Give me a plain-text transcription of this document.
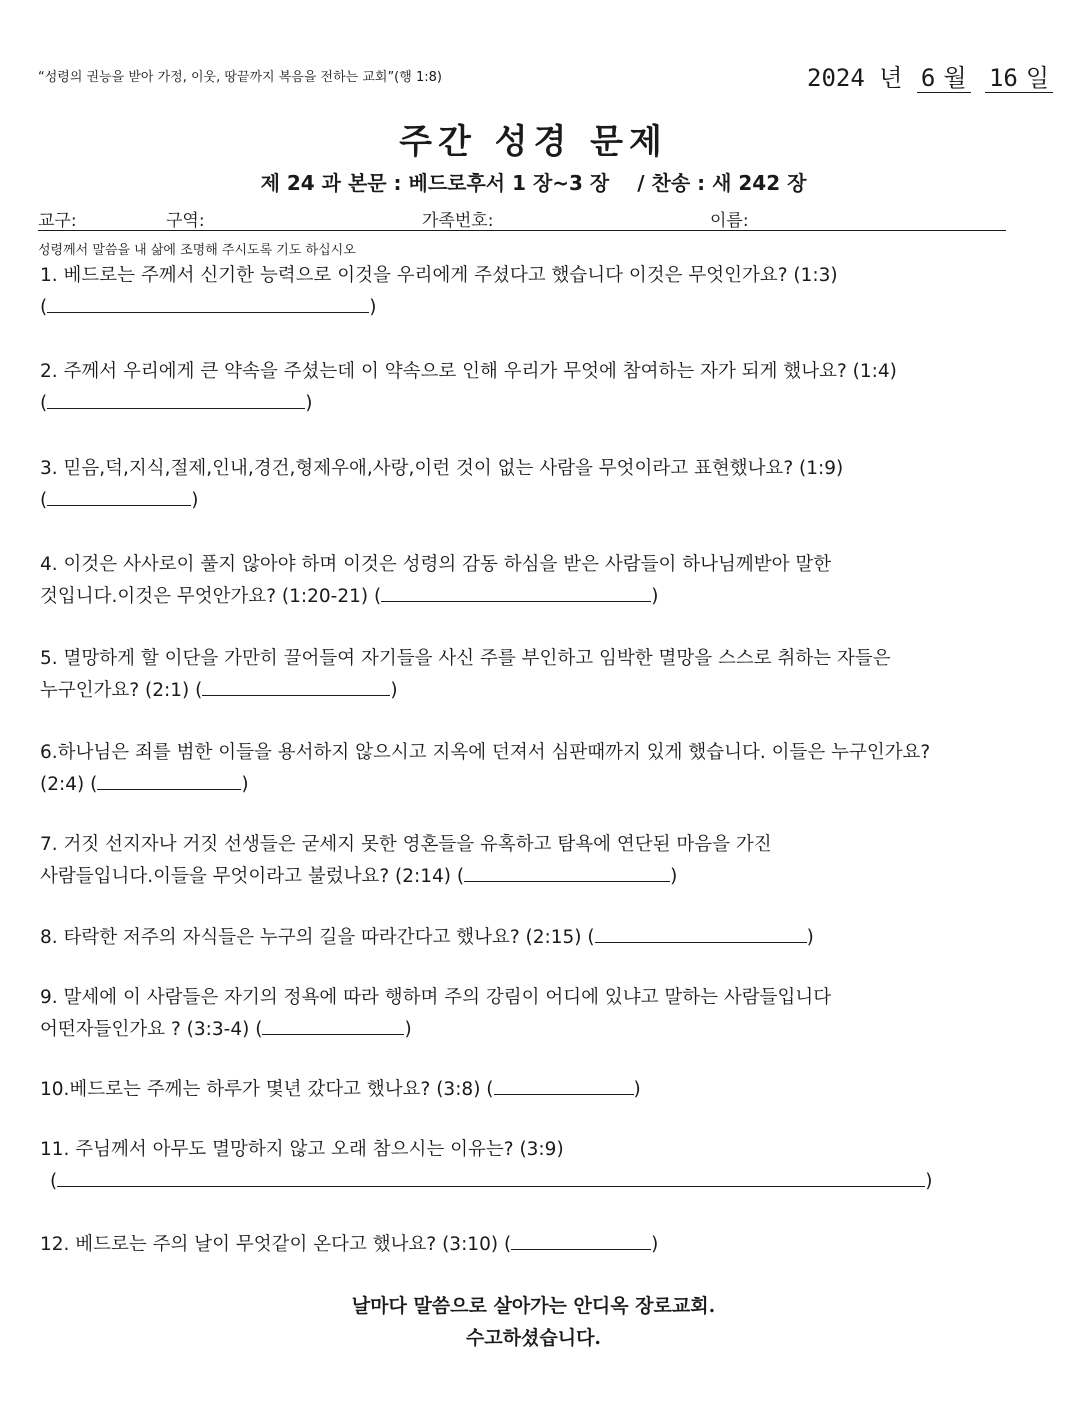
“성령의 권능을 받아 가정, 이웃, 땅끝까지 복음을 전하는 교회”(행 1:8)	2024 년 6 월 16 일
주간 성경 문제
제 24 과 본문 : 베드로후서 1 장~3 장 / 찬송 : 새 242 장
교구:	구역:	가족번호:	이름:
성령께서 말씀을 내 삶에 조명해 주시도록 기도 하십시오
1. 베드로는 주께서 신기한 능력으로 이것을 우리에게 주셨다고 했습니다 이것은 무엇인가요? (1:3)
(	)
2. 주께서 우리에게 큰 약속을 주셨는데 이 약속으로 인해 우리가 무엇에 참여하는 자가 되게 했나요? (1:4)
(	)
3. 믿음,덕,지식,절제,인내,경건,형제우애,사랑,이런 것이 없는 사람을 무엇이라고 표현했나요? (1:9)
(	)
4. 이것은 사사로이 풀지 않아야 하며 이것은 성령의 감동 하심을 받은 사람들이 하나님께받아 말한
것입니다.이것은 무엇안가요? (1:20-21) (	)
5. 멸망하게 할 이단을 가만히 끌어들여 자기들을 사신 주를 부인하고 임박한 멸망을 스스로 취하는 자들은
누구인가요? (2:1) (	)
6.하나님은 죄를 범한 이들을 용서하지 않으시고 지옥에 던져서 심판때까지 있게 했습니다. 이들은 누구인가요?
(2:4) (	)
7. 거짓 선지자나 거짓 선생들은 굳세지 못한 영혼들을 유혹하고 탐욕에 연단된 마음을 가진
사람들입니다.이들을 무엇이라고 불렀나요? (2:14) (	)
8. 타락한 저주의 자식들은 누구의 길을 따라간다고 했나요? (2:15) (	)
9. 말세에 이 사람들은 자기의 정욕에 따라 행하며 주의 강림이 어디에 있냐고 말하는 사람들입니다
어떤자들인가요 ? (3:3-4) (	)
10.베드로는 주께는 하루가 몇년 갔다고 했나요? (3:8) (	)
11. 주님께서 아무도 멸망하지 않고 오래 참으시는 이유는? (3:9)
(	)
12. 베드로는 주의 날이 무엇같이 온다고 했나요? (3:10) (	)
날마다 말씀으로 살아가는 안디옥 장로교회.
수고하셨습니다.
